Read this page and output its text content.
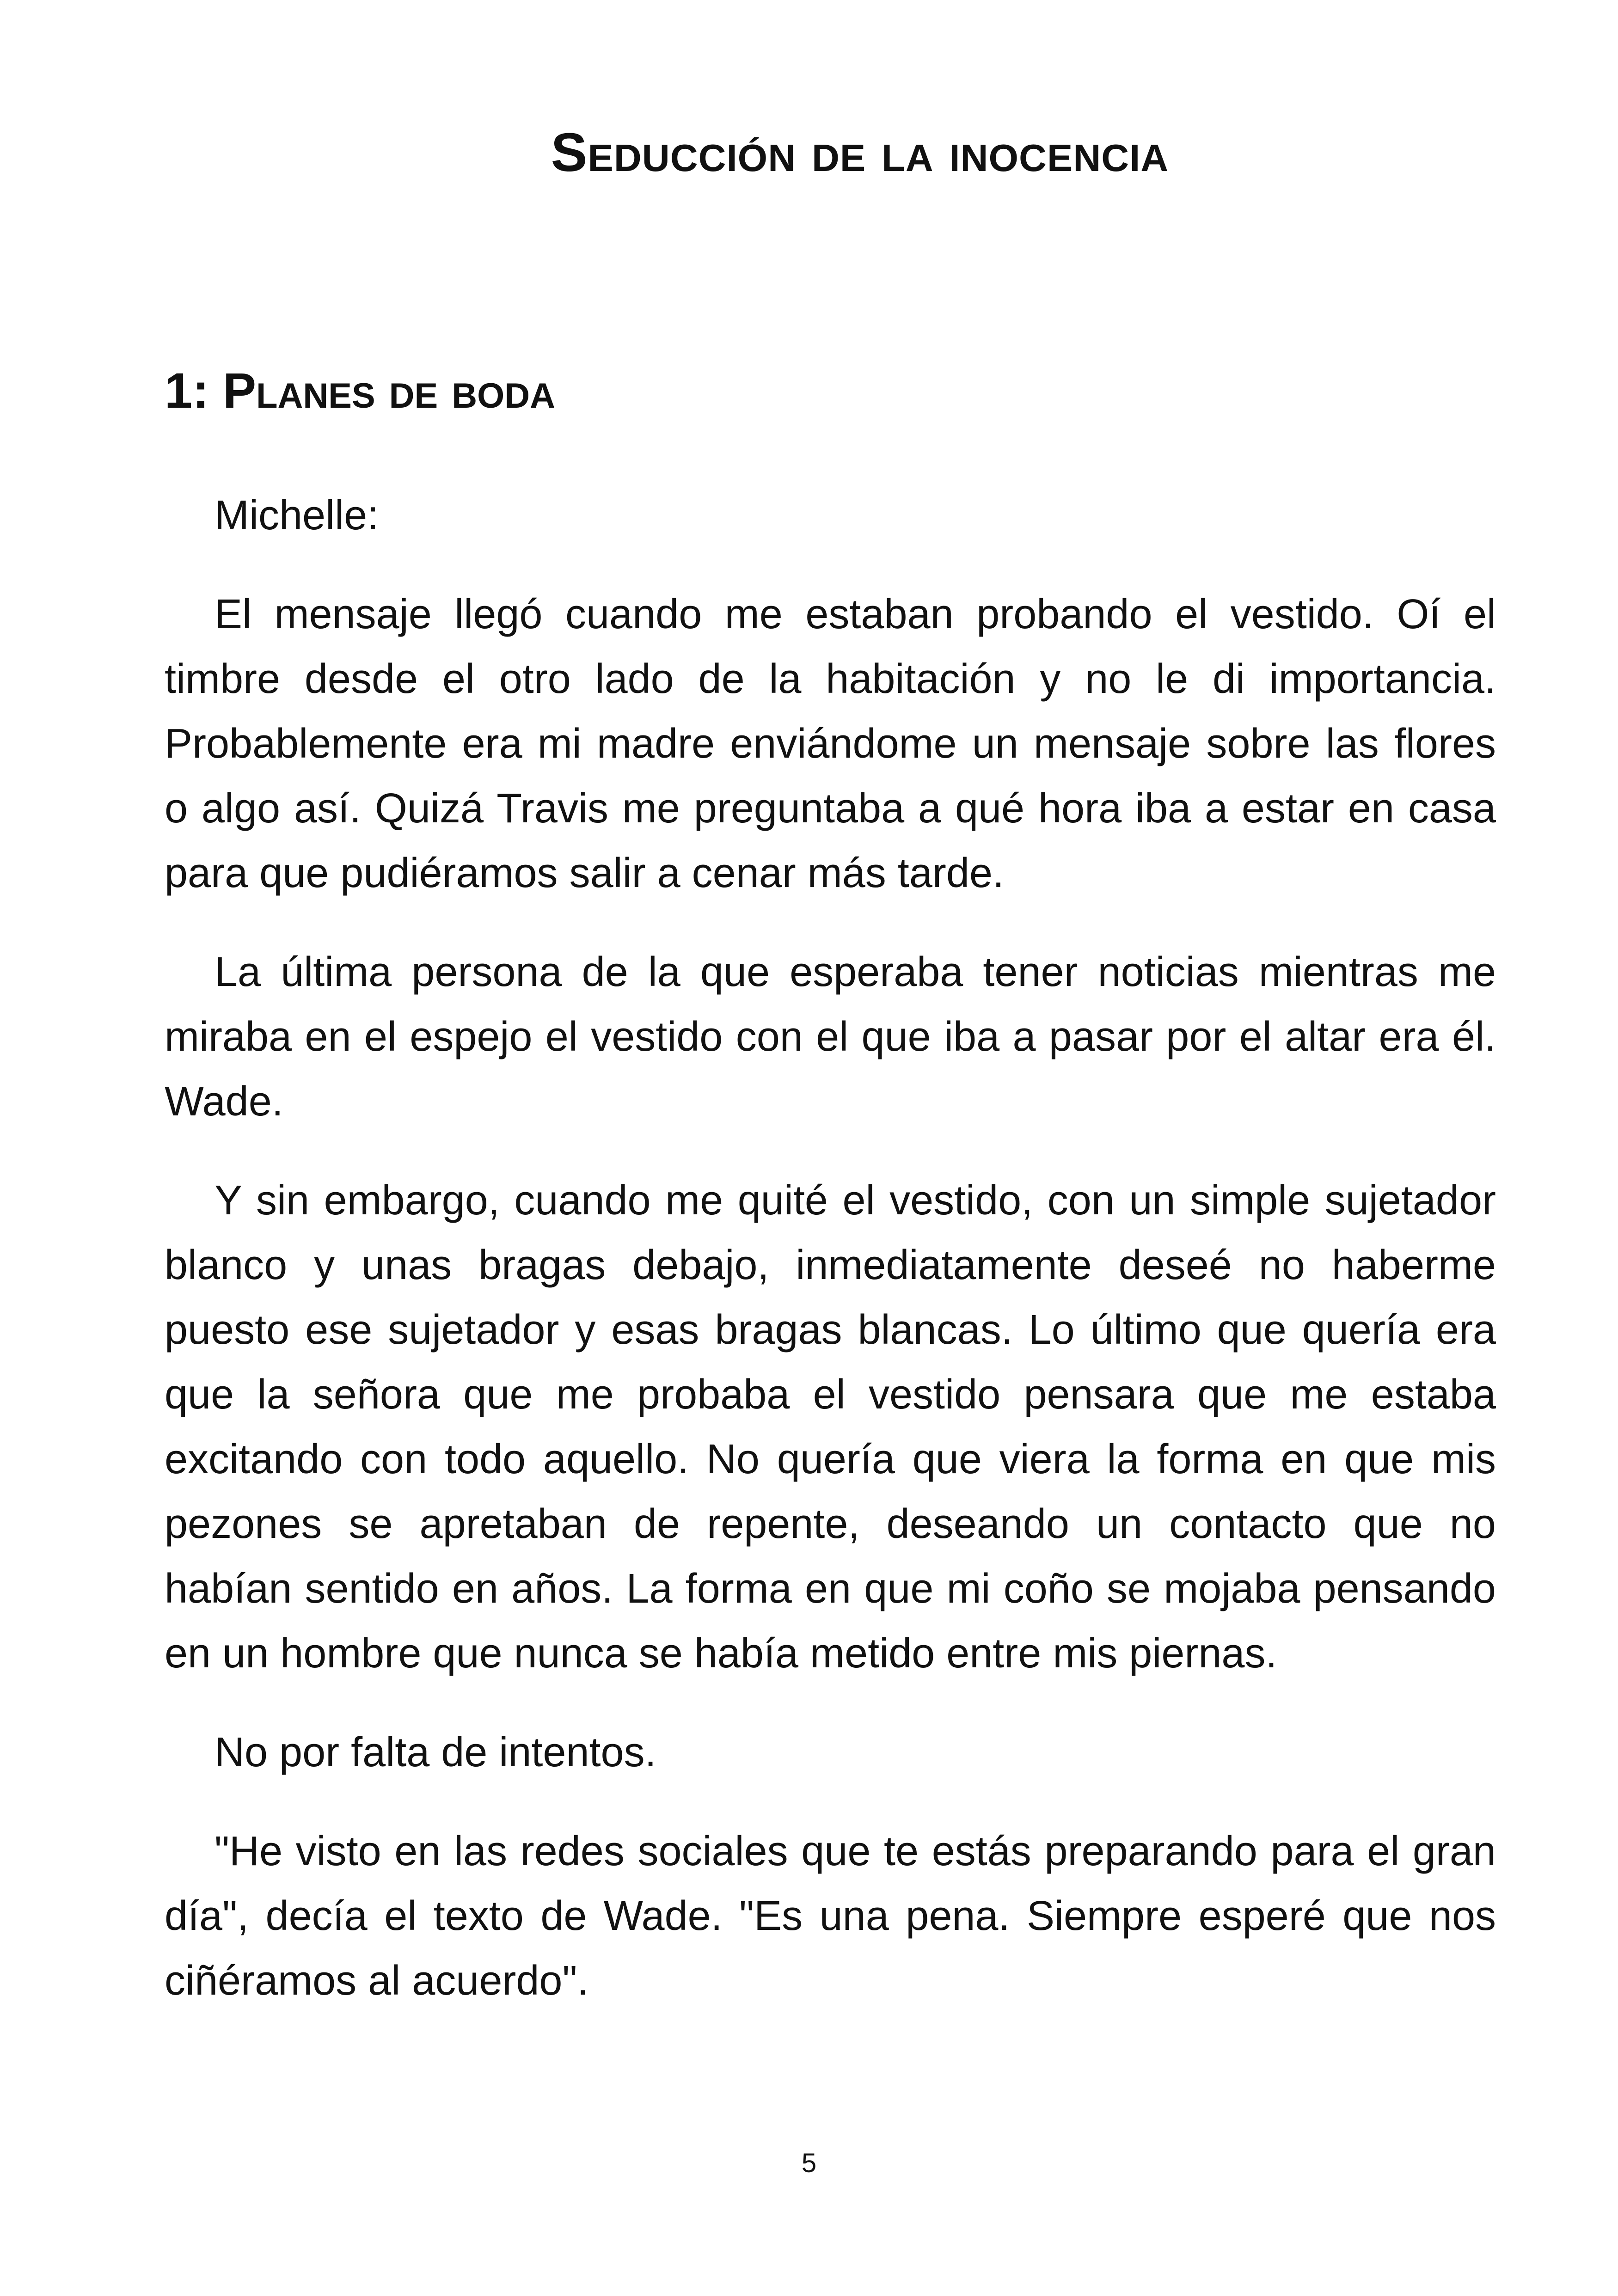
Seducción de la inocencia
1: Planes de boda

Michelle:

El mensaje llegó cuando me estaban probando el vestido. Oí el timbre desde el otro lado de la habitación y no le di importancia. Probablemente era mi madre enviándome un mensaje sobre las flores o algo así. Quizá Travis me preguntaba a qué hora iba a estar en casa para que pudiéramos salir a cenar más tarde.

La última persona de la que esperaba tener noticias mientras me miraba en el espejo el vestido con el que iba a pasar por el altar era él. Wade.

Y sin embargo, cuando me quité el vestido, con un simple sujetador blanco y unas bragas debajo, inmediatamente deseé no haberme puesto ese sujetador y esas bragas blancas. Lo último que quería era que la señora que me probaba el vestido pensara que me estaba excitando con todo aquello. No quería que viera la forma en que mis pezones se apretaban de repente, deseando un contacto que no habían sentido en años. La forma en que mi coño se mojaba pensando en un hombre que nunca se había metido entre mis piernas.

No por falta de intentos.

"He visto en las redes sociales que te estás preparando para el gran día", decía el texto de Wade. "Es una pena. Siempre esperé que nos ciñéramos al acuerdo".

5
